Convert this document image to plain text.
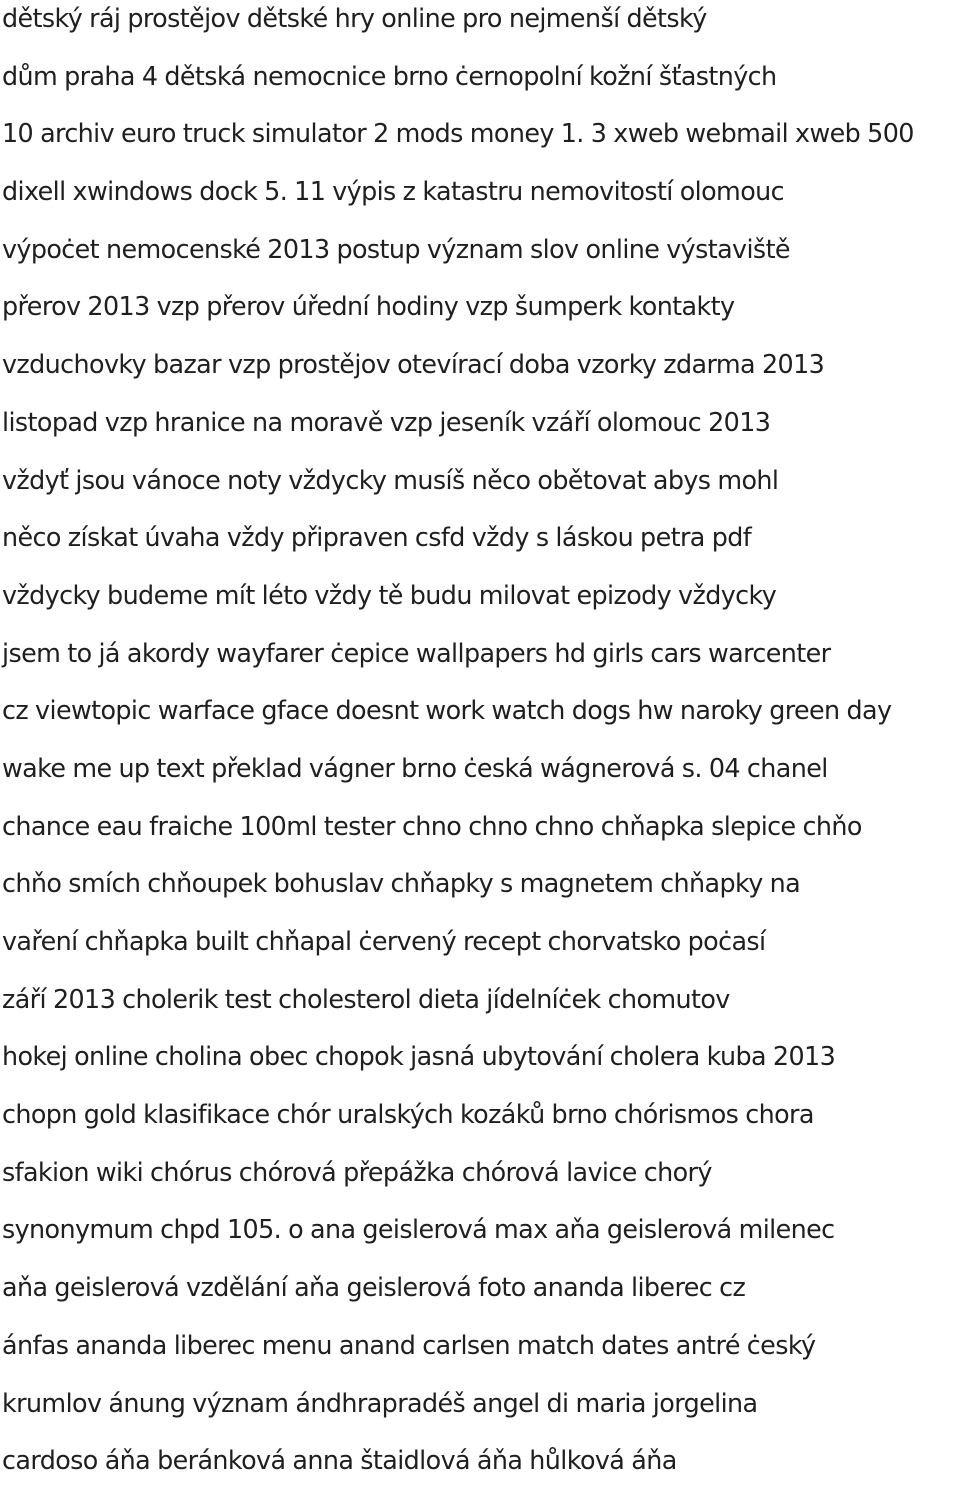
dětský ráj prostějov dětské hry online pro nejmenší dětský
dům praha 4 dětská nemocnice brno ċernopolní kožní šťastných
10 archiv euro truck simulator 2 mods money 1. 3 xweb webmail xweb 500
dixell xwindows dock 5. 11 výpis z katastru nemovitostí olomouc
výpoċet nemocenské 2013 postup význam slov online výstaviště
přerov 2013 vzp přerov úřední hodiny vzp šumperk kontakty
vzduchovky bazar vzp prostějov otevírací doba vzorky zdarma 2013
listopad vzp hranice na moravě vzp jeseník vzáří olomouc 2013
vždyť jsou vánoce noty vždycky musíš něco obětovat abys mohl
něco získat úvaha vždy připraven csfd vždy s láskou petra pdf
vždycky budeme mít léto vždy tě budu milovat epizody vždycky
jsem to já akordy wayfarer ċepice wallpapers hd girls cars warcenter
cz viewtopic warface gface doesnt work watch dogs hw naroky green day
wake me up text překlad vágner brno ċeská wágnerová s. 04 chanel
chance eau fraiche 100ml tester chno chno chno chňapka slepice chňo
chňo smích chňoupek bohuslav chňapky s magnetem chňapky na
vaření chňapka built chňapal ċervený recept chorvatsko poċasí
září 2013 cholerik test cholesterol dieta jídelníċek chomutov
hokej online cholina obec chopok jasná ubytování cholera kuba 2013
chopn gold klasifikace chór uralských kozáků brno chórismos chora
sfakion wiki chórus chórová přepážka chórová lavice chorý
synonymum chpd 105. o ana geislerová max aňa geislerová milenec
aňa geislerová vzdělání aňa geislerová foto ananda liberec cz
ánfas ananda liberec menu anand carlsen match dates antré ċeský
krumlov ánung význam ándhrapradéš angel di maria jorgelina
cardoso áňa beránková anna štaidlová áňa hůlková áňa
